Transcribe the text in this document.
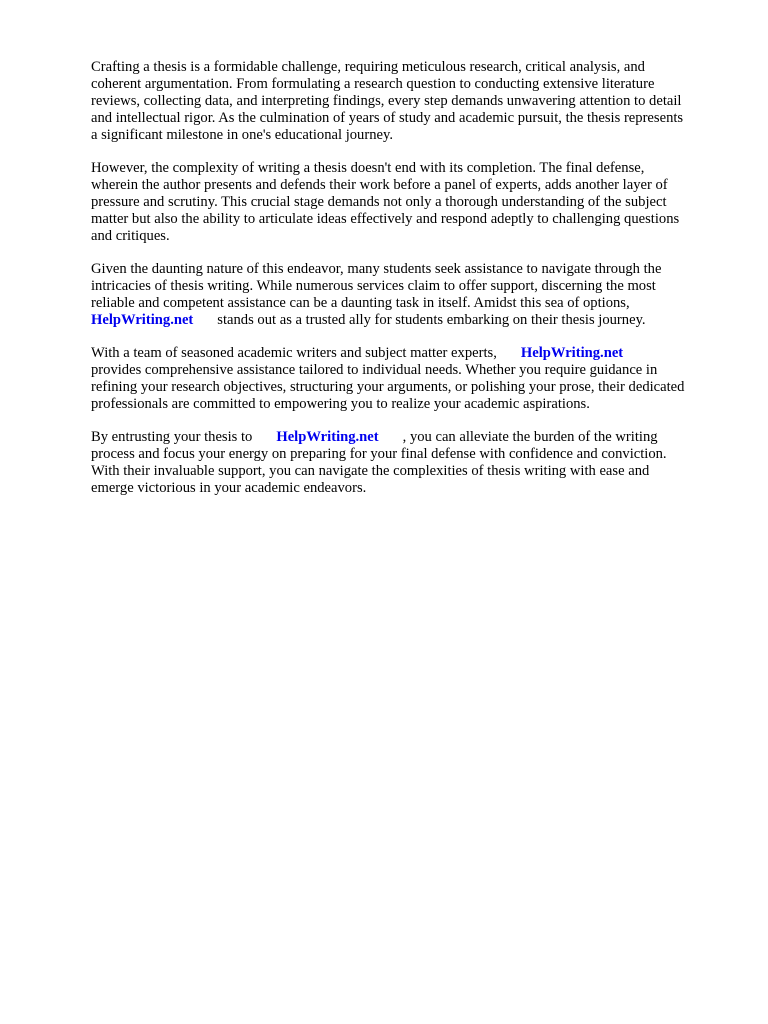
Crafting a thesis is a formidable challenge, requiring meticulous research, critical analysis, and
coherent argumentation. From formulating a research question to conducting extensive literature
reviews, collecting data, and interpreting findings, every step demands unwavering attention to detail
and intellectual rigor. As the culmination of years of study and academic pursuit, the thesis represents
a significant milestone in one's educational journey.

However, the complexity of writing a thesis doesn't end with its completion. The final defense,
wherein the author presents and defends their work before a panel of experts, adds another layer of
pressure and scrutiny. This crucial stage demands not only a thorough understanding of the subject
matter but also the ability to articulate ideas effectively and respond adeptly to challenging questions
and critiques.

Given the daunting nature of this endeavor, many students seek assistance to navigate through the
intricacies of thesis writing. While numerous services claim to offer support, discerning the most
reliable and competent assistance can be a daunting task in itself. Amidst this sea of options,
HelpWriting.net stands out as a trusted ally for students embarking on their thesis journey.

With a team of seasoned academic writers and subject matter experts, HelpWriting.net
provides comprehensive assistance tailored to individual needs. Whether you require guidance in
refining your research objectives, structuring your arguments, or polishing your prose, their dedicated
professionals are committed to empowering you to realize your academic aspirations.

By entrusting your thesis to HelpWriting.net , you can alleviate the burden of the writing
process and focus your energy on preparing for your final defense with confidence and conviction.
With their invaluable support, you can navigate the complexities of thesis writing with ease and
emerge victorious in your academic endeavors.
